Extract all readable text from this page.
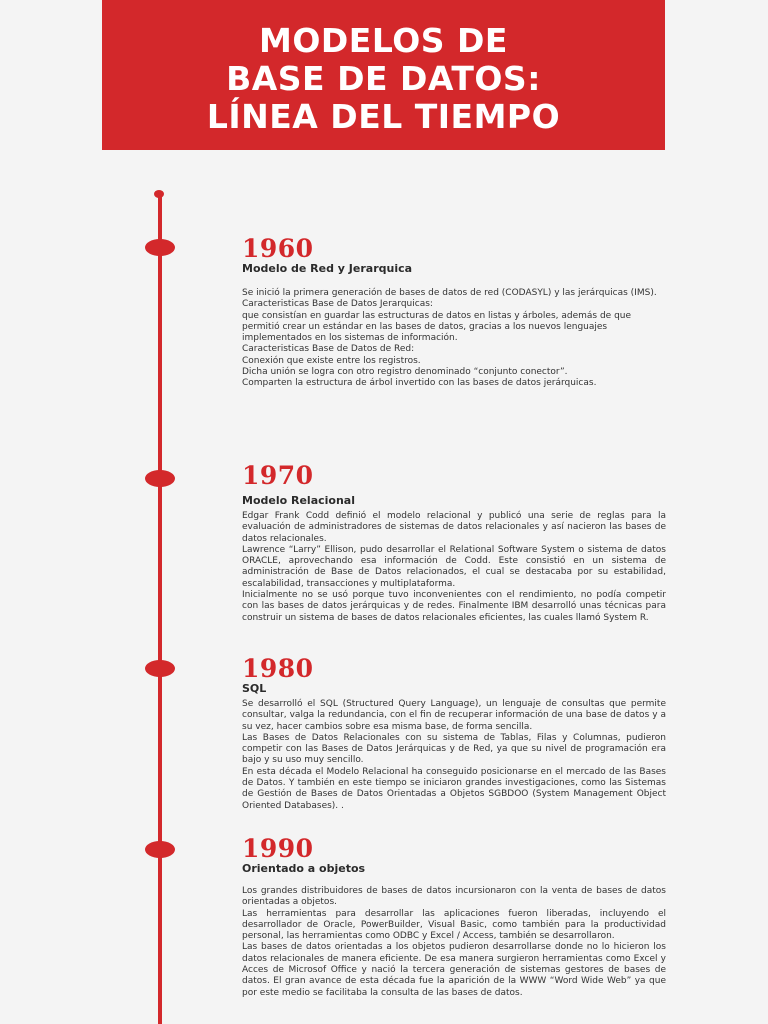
MODELOS DE
BASE DE DATOS:
LÍNEA DEL TIEMPO
1960
Modelo de Red y Jerarquica

Se inició la primera generación de bases de datos de red (CODASYL) y las jerárquicas (IMS).

Caracteristicas Base de Datos Jerarquicas:

que consistían en guardar las estructuras de datos en listas y árboles, además de que permitió crear un estándar en las bases de datos, gracias a los nuevos lenguajes implementados en los sistemas de información.

Caracteristicas Base de Datos de Red:

Conexión que existe entre los registros.

Dicha unión se logra con otro registro denominado “conjunto conector”.

Comparten la estructura de árbol invertido con las bases de datos jerárquicas.

1970
Modelo Relacional

Edgar Frank Codd definió el modelo relacional y publicó una serie de reglas para la evaluación de administradores de sistemas de datos relacionales y así nacieron las bases de datos relacionales.

Lawrence “Larry” Ellison, pudo desarrollar el Relational Software System o sistema de datos ORACLE, aprovechando esa información de Codd. Este consistió en un sistema de administración de Base de Datos relacionados, el cual se destacaba por su estabilidad, escalabilidad, transacciones y multiplataforma.

Inicialmente no se usó porque tuvo inconvenientes con el rendimiento, no podía competir con las bases de datos jerárquicas y de redes. Finalmente IBM desarrolló unas técnicas para construir un sistema de bases de datos relacionales eficientes, las cuales llamó System R.

1980
SQL

Se desarrolló el SQL (Structured Query Language), un lenguaje de consultas que permite consultar, valga la redundancia, con el fin de recuperar información de una base de datos y a su vez, hacer cambios sobre esa misma base, de forma sencilla.

Las Bases de Datos Relacionales con su sistema de Tablas, Filas y Columnas, pudieron competir con las Bases de Datos Jerárquicas y de Red, ya que su nivel de programación era bajo y su uso muy sencillo.

En esta década el Modelo Relacional ha conseguido posicionarse en el mercado de las Bases de Datos. Y también en este tiempo se iniciaron grandes investigaciones, como las Sistemas de Gestión de Bases de Datos Orientadas a Objetos SGBDOO (System Management Object Oriented Databases). .

1990
Orientado a objetos

Los grandes distribuidores de bases de datos incursionaron con la venta de bases de datos orientadas a objetos.

Las herramientas para desarrollar las aplicaciones fueron liberadas, incluyendo el desarrollador de Oracle, PowerBuilder, Visual Basic, como también para la productividad personal, las herramientas como ODBC y Excel / Access, también se desarrollaron.

Las bases de datos orientadas a los objetos pudieron desarrollarse donde no lo hicieron los datos relacionales de manera eficiente. De esa manera surgieron herramientas como Excel y Acces de Microsof Office y nació la tercera generación de sistemas gestores de bases de datos. El gran avance de esta década fue la aparición de la WWW “Word Wide Web” ya que por este medio se facilitaba la consulta de las bases de datos.
